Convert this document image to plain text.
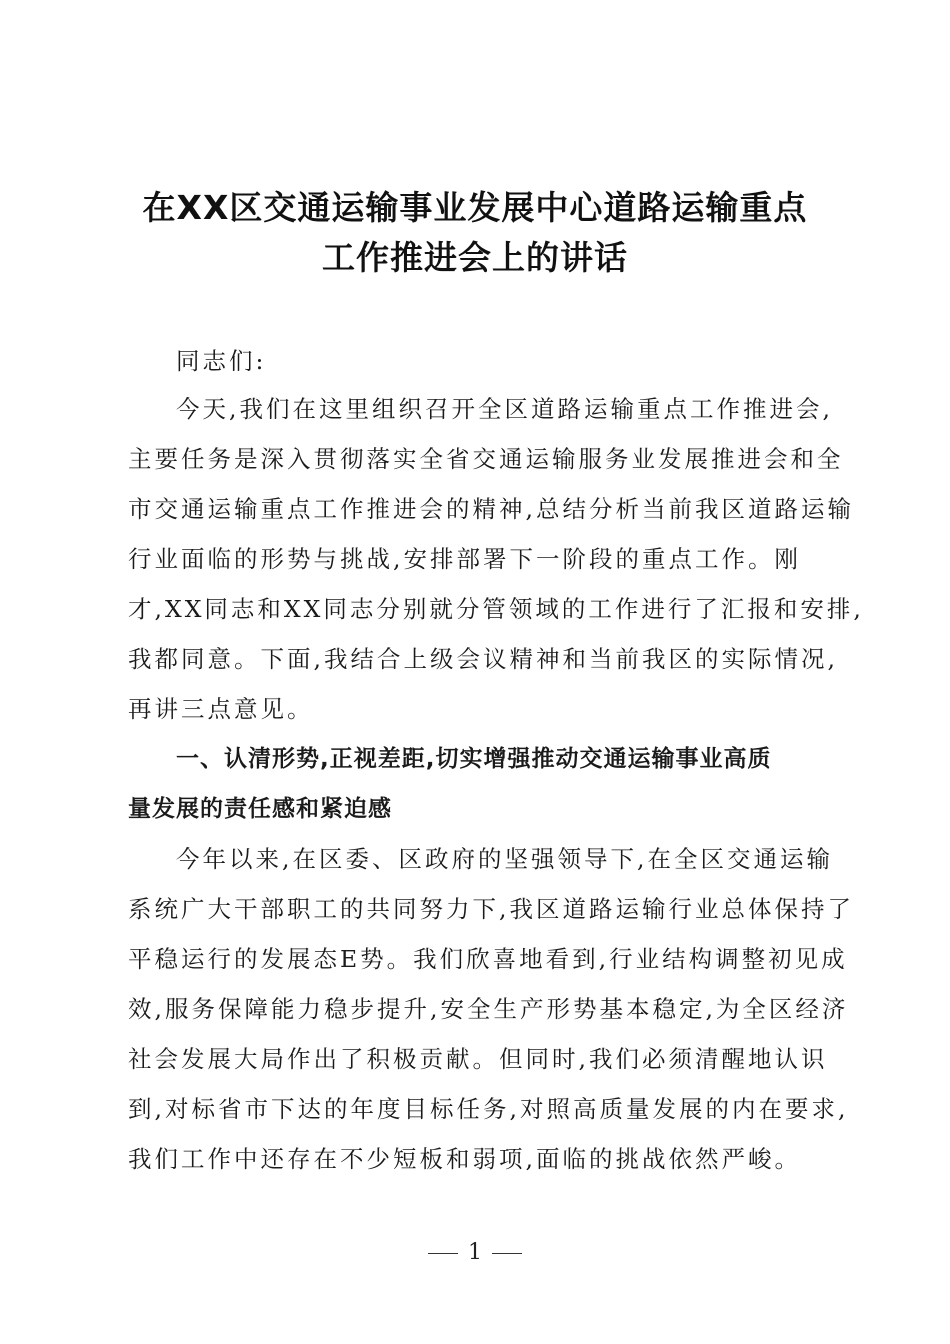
在XX区交通运输事业发展中心道路运输重点
工作推进会上的讲话
同志们:
今天,我们在这里组织召开全区道路运输重点工作推进会,
主要任务是深入贯彻落实全省交通运输服务业发展推进会和全
市交通运输重点工作推进会的精神,总结分析当前我区道路运输
行业面临的形势与挑战,安排部署下一阶段的重点工作。刚
才,XX同志和XX同志分别就分管领域的工作进行了汇报和安排,
我都同意。下面,我结合上级会议精神和当前我区的实际情况,
再讲三点意见。
一、认清形势,正视差距,切实增强推动交通运输事业高质
量发展的责任感和紧迫感
今年以来,在区委、区政府的坚强领导下,在全区交通运输
系统广大干部职工的共同努力下,我区道路运输行业总体保持了
平稳运行的发展态E势。我们欣喜地看到,行业结构调整初见成
效,服务保障能力稳步提升,安全生产形势基本稳定,为全区经济
社会发展大局作出了积极贡献。但同时,我们必须清醒地认识
到,对标省市下达的年度目标任务,对照高质量发展的内在要求,
我们工作中还存在不少短板和弱项,面临的挑战依然严峻。
1
